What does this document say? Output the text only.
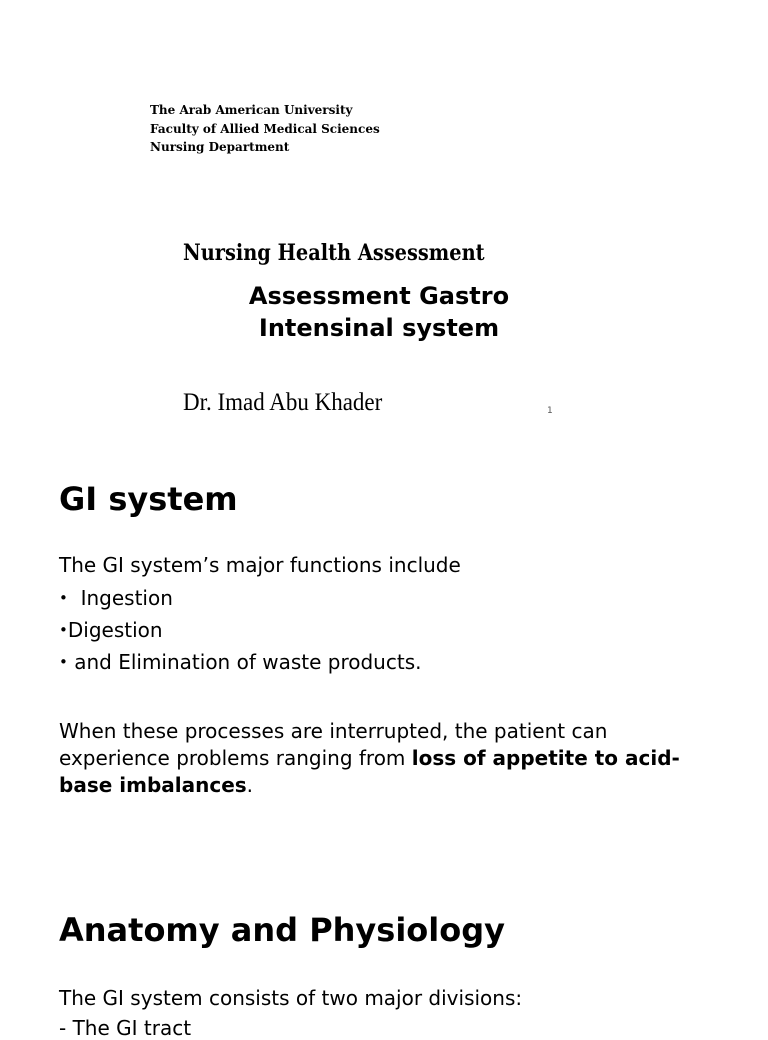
The Arab American University
Faculty of Allied Medical Sciences
Nursing Department
Nursing Health Assessment
Assessment Gastro
Intensinal system
Dr. Imad Abu Khader	1
GI system
The GI system’s major functions include
•  Ingestion
•Digestion
• and Elimination of waste products.
When these processes are interrupted, the patient can experience problems ranging from loss of appetite to acid-base imbalances.
Anatomy and Physiology
The GI system consists of two major divisions:
- The GI tract
